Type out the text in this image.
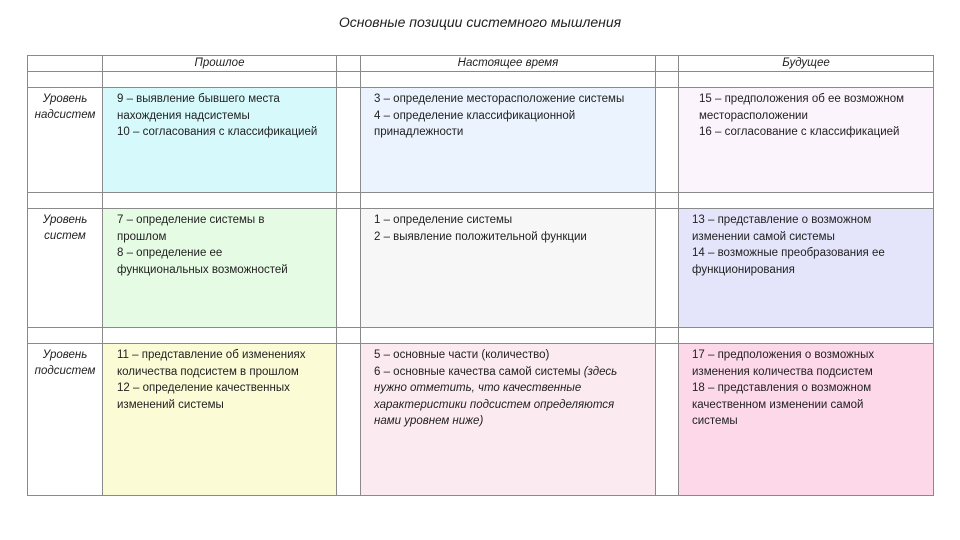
Основные позиции системного мышления
Прошлое	Настоящее время	Будущее
Уровень
надсистем
9 – выявление бывшего места
нахождения надсистемы
10 – согласования с классификацией
3 – определение месторасположение системы
4 – определение классификационной
принадлежности
15 – предположения об ее возможном
месторасположении
16 – согласование с классификацией
Уровень
систем
7 – определение системы в
прошлом
8 – определение ее
функциональных возможностей
1 – определение системы
2 – выявление положительной функции
13 – представление о возможном
изменении самой системы
14 – возможные преобразования ее
функционирования
Уровень
подсистем
11 – представление об изменениях
количества подсистем в прошлом
12 – определение качественных
изменений системы
5 – основные части (количество)
6 – основные качества самой системы (здесь
нужно отметить, что качественные
характеристики подсистем определяются
нами уровнем ниже)
17 – предположения о возможных
изменения количества подсистем
18 – представления о возможном
качественном изменении самой
системы
